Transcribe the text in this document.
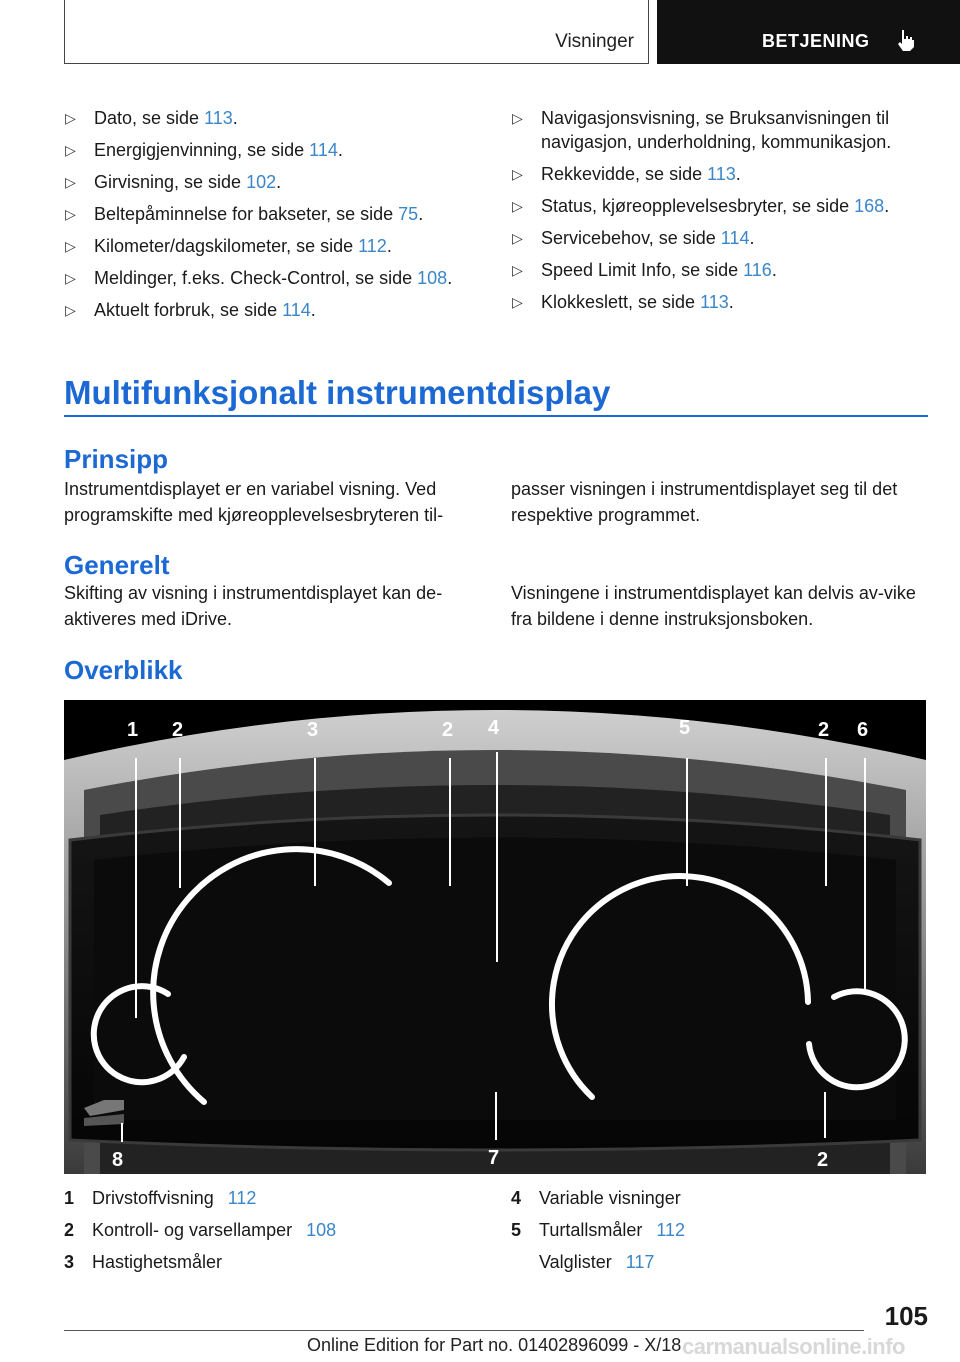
Visninger	BETJENING
▷ Dato, se side 113.
▷ Energigjenvinning, se side 114.
▷ Girvisning, se side 102.
▷ Beltepåminnelse for bakseter, se side 75.
▷ Kilometer/dagskilometer, se side 112.
▷ Meldinger, f.eks. Check-Control, se side 108.
▷ Aktuelt forbruk, se side 114.
▷ Navigasjonsvisning, se Bruksanvisningen til navigasjon, underholdning, kommunikasjon.
▷ Rekkevidde, se side 113.
▷ Status, kjøreopplevelsesbryter, se side 168.
▷ Servicebehov, se side 114.
▷ Speed Limit Info, se side 116.
▷ Klokkeslett, se side 113.
Multifunksjonalt instrumentdisplay
Prinsipp
Instrumentdisplayet er en variabel visning. Ved programskifte med kjøreopplevelsesbryteren til-
passer visningen i instrumentdisplayet seg til det respektive programmet.
Generelt
Skifting av visning i instrumentdisplayet kan de-aktiveres med iDrive.
Visningene i instrumentdisplayet kan delvis av-vike fra bildene i denne instruksjonsboken.
Overblikk
1 2	3	2 4	5	2 6
8	7	2
1 Drivstoffvisning 112
2 Kontroll- og varsellamper 108
3 Hastighetsmåler
4 Variable visninger
5 Turtallsmåler 112
Valglister 117
105
Online Edition for Part no. 01402896099 - X/18 carmanualsonline.info
